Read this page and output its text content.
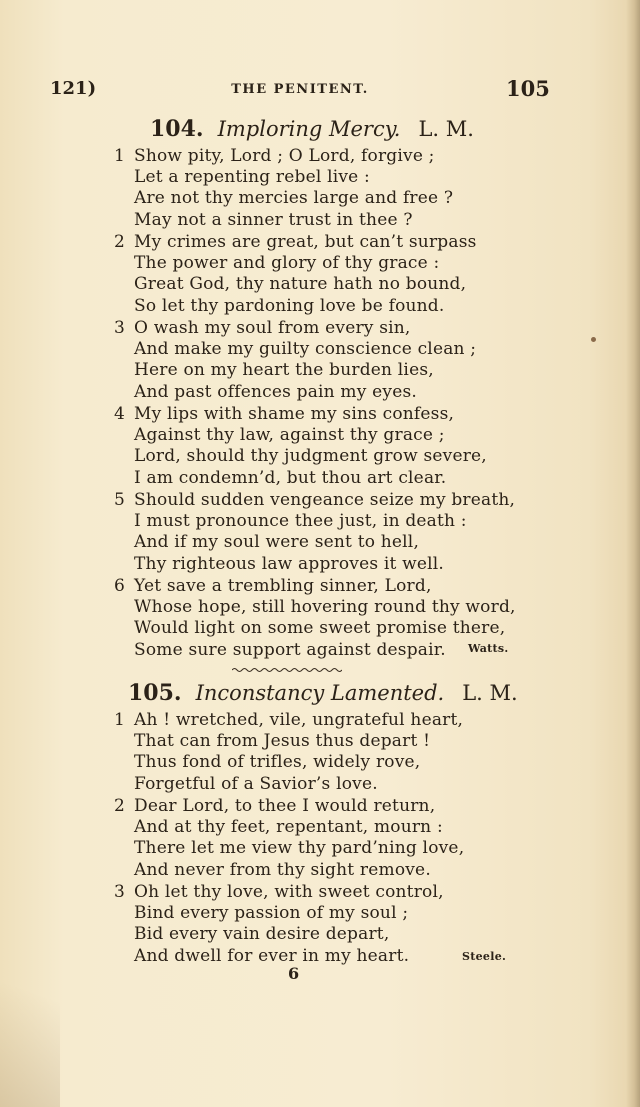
121)	THE PENITENT.	105
104. Imploring Mercy. L. M.
1 Show pity, Lord ; O Lord, forgive ;
Let a repenting rebel live :
Are not thy mercies large and free ?
May not a sinner trust in thee ?
2 My crimes are great, but can’t surpass
The power and glory of thy grace :
Great God, thy nature hath no bound,
So let thy pardoning love be found.
3 O wash my soul from every sin,
And make my guilty conscience clean ;
Here on my heart the burden lies,
And past offences pain my eyes.
4 My lips with shame my sins confess,
Against thy law, against thy grace ;
Lord, should thy judgment grow severe,
I am condemn’d, but thou art clear.
5 Should sudden vengeance seize my breath,
I must pronounce thee just, in death :
And if my soul were sent to hell,
Thy righteous law approves it well.
6 Yet save a trembling sinner, Lord,
Whose hope, still hovering round thy word,
Would light on some sweet promise there,
Some sure support against despair. Watts.
105. Inconstancy Lamented. L. M.
1 Ah ! wretched, vile, ungrateful heart,
That can from Jesus thus depart !
Thus fond of trifles, widely rove,
Forgetful of a Savior’s love.
2 Dear Lord, to thee I would return,
And at thy feet, repentant, mourn :
There let me view thy pard’ning love,
And never from thy sight remove.
3 Oh let thy love, with sweet control,
Bind every passion of my soul ;
Bid every vain desire depart,
And dwell for ever in my heart.	Steele.
6
